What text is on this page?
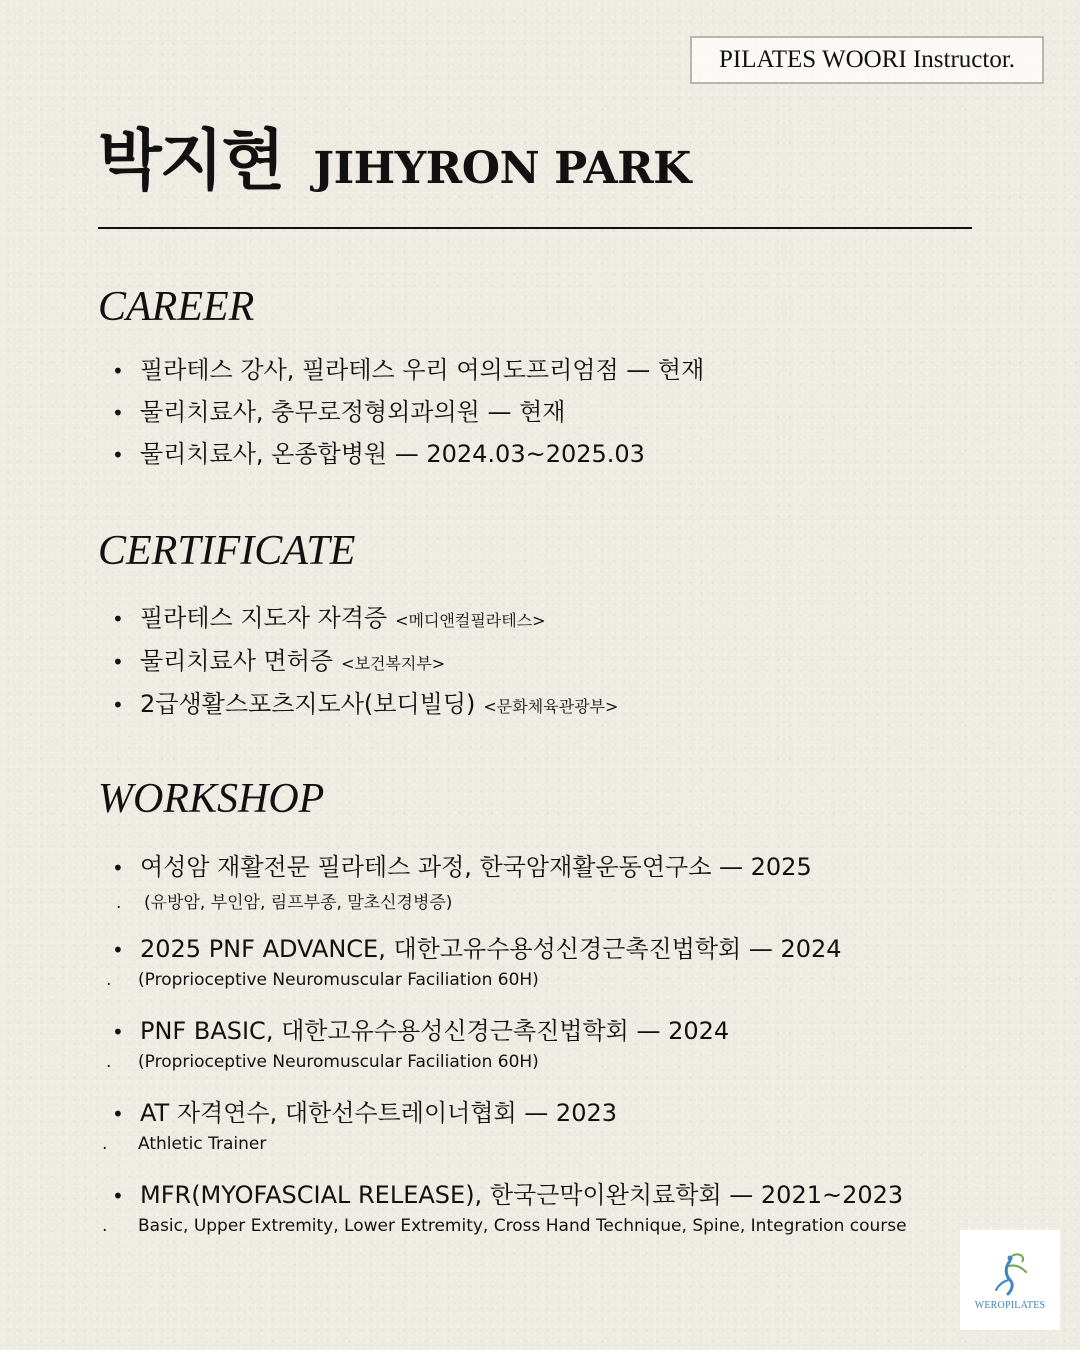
PILATES WOORI Instructor.
박지현 JIHYRON PARK
CAREER
• 필라테스 강사, 필라테스 우리 여의도프리엄점 — 현재
• 물리치료사, 충무로정형외과의원 — 현재
• 물리치료사, 온종합병원 — 2024.03~2025.03
CERTIFICATE
• 필라테스 지도자 자격증 <메디앤컬필라테스>
• 물리치료사 면허증 <보건복지부>
• 2급생활스포츠지도사(보디빌딩) <문화체육관광부>
WORKSHOP
• 여성암 재활전문 필라테스 과정, 한국암재활운동연구소 — 2025
.	(유방암, 부인암, 림프부종, 말초신경병증)
• 2025 PNF ADVANCE, 대한고유수용성신경근촉진법학회 — 2024
.	(Proprioceptive Neuromuscular Faciliation 60H)
• PNF BASIC, 대한고유수용성신경근촉진법학회 — 2024
.	(Proprioceptive Neuromuscular Faciliation 60H)
• AT 자격연수, 대한선수트레이너협회 — 2023
.	Athletic Trainer
• MFR(MYOFASCIAL RELEASE), 한국근막이완치료학회 — 2021~2023
.	Basic, Upper Extremity, Lower Extremity, Cross Hand Technique, Spine, Integration course
WEROPILATES
